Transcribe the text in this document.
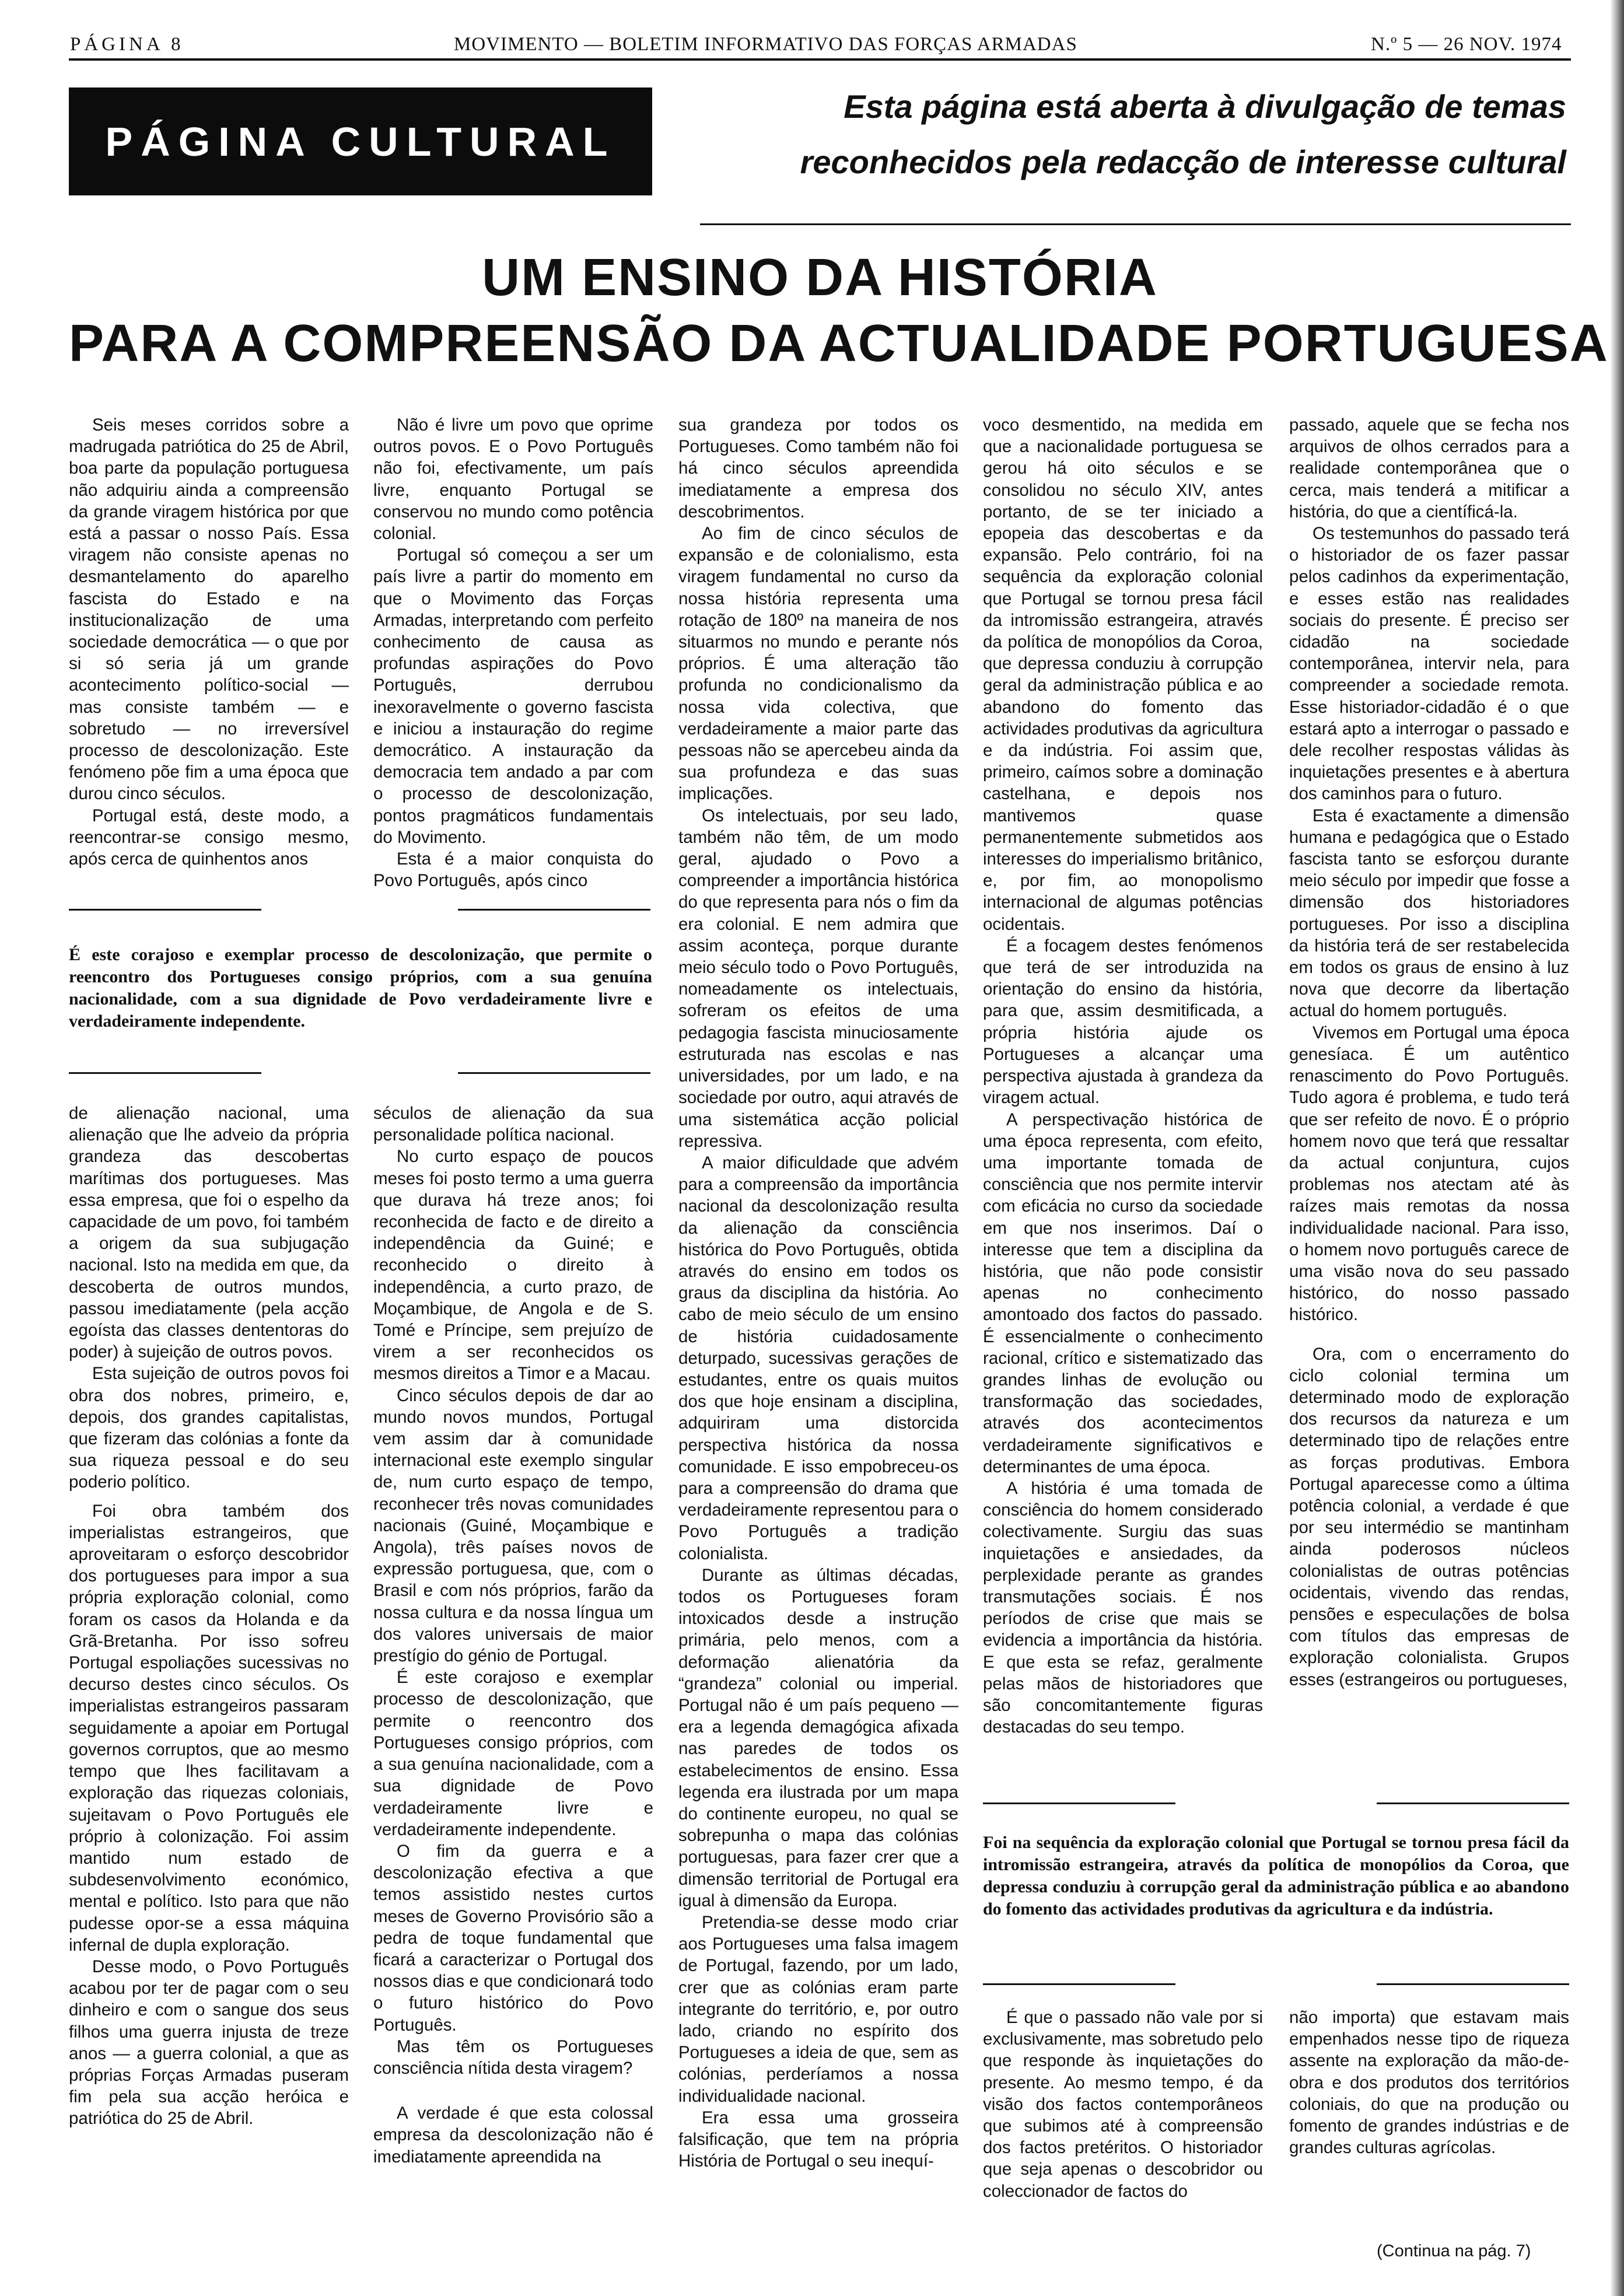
PÁGINA 8	MOVIMENTO — BOLETIM INFORMATIVO DAS FORÇAS ARMADAS	N.º 5 — 26 NOV. 1974
PÁGINA CULTURAL
Esta página está aberta à divulgação de temas
reconhecidos pela redacção de interesse cultural
UM ENSINO DA HISTÓRIA
PARA A COMPREENSÃO DA ACTUALIDADE PORTUGUESA

Seis meses corridos sobre a madrugada patriótica do 25 de Abril, boa parte da população portuguesa não adquiriu ainda a compreensão da grande viragem histórica por que está a passar o nosso País. Essa viragem não consiste apenas no desmantelamento do aparelho fascista do Estado e na institucionalização de uma sociedade democrática — o que por si só seria já um grande acontecimento político-social — mas consiste também — e sobretudo — no irreversível processo de descolonização. Este fenómeno põe fim a uma época que durou cinco séculos.

Portugal está, deste modo, a reencontrar-se consigo mesmo, após cerca de quinhentos anos

Não é livre um povo que oprime outros povos. E o Povo Português não foi, efectivamente, um país livre, enquanto Portugal se conservou no mundo como potência colonial.

Portugal só começou a ser um país livre a partir do momento em que o Movimento das Forças Armadas, interpretando com perfeito conhecimento de causa as profundas aspirações do Povo Português, derrubou inexoravelmente o governo fascista e iniciou a instauração do regime democrático. A instauração da democracia tem andado a par com o processo de descolonização, pontos pragmáticos fundamentais do Movimento.

Esta é a maior conquista do Povo Português, após cinco

É este corajoso e exemplar processo de descolonização, que permite o reencontro dos Portugueses consigo próprios, com a sua genuína nacionalidade, com a sua dignidade de Povo verdadeiramente livre e verdadeiramente independente.

de alienação nacional, uma alienação que lhe adveio da própria grandeza das descobertas marítimas dos portugueses. Mas essa empresa, que foi o espelho da capacidade de um povo, foi também a origem da sua subjugação nacional. Isto na medida em que, da descoberta de outros mundos, passou imediatamente (pela acção egoísta das classes dententoras do poder) à sujeição de outros povos.

Esta sujeição de outros povos foi obra dos nobres, primeiro, e, depois, dos grandes capitalistas, que fizeram das colónias a fonte da sua riqueza pessoal e do seu poderio político.

Foi obra também dos imperialistas estrangeiros, que aproveitaram o esforço descobridor dos portugueses para impor a sua própria exploração colonial, como foram os casos da Holanda e da Grã-Bretanha. Por isso sofreu Portugal espoliações sucessivas no decurso destes cinco séculos. Os imperialistas estrangeiros passaram seguidamente a apoiar em Portugal governos corruptos, que ao mesmo tempo que lhes facilitavam a exploração das riquezas coloniais, sujeitavam o Povo Português ele próprio à colonização. Foi assim mantido num estado de subdesenvolvimento económico, mental e político. Isto para que não pudesse opor-se a essa máquina infernal de dupla exploração.

Desse modo, o Povo Português acabou por ter de pagar com o seu dinheiro e com o sangue dos seus filhos uma guerra injusta de treze anos — a guerra colonial, a que as próprias Forças Armadas puseram fim pela sua acção heróica e patriótica do 25 de Abril.

séculos de alienação da sua personalidade política nacional.

No curto espaço de poucos meses foi posto termo a uma guerra que durava há treze anos; foi reconhecida de facto e de direito a independência da Guiné; e reconhecido o direito à independência, a curto prazo, de Moçambique, de Angola e de S. Tomé e Príncipe, sem prejuízo de virem a ser reconhecidos os mesmos direitos a Timor e a Macau.

Cinco séculos depois de dar ao mundo novos mundos, Portugal vem assim dar à comunidade internacional este exemplo singular de, num curto espaço de tempo, reconhecer três novas comunidades nacionais (Guiné, Moçambique e Angola), três países novos de expressão portuguesa, que, com o Brasil e com nós próprios, farão da nossa cultura e da nossa língua um dos valores universais de maior prestígio do génio de Portugal.

É este corajoso e exemplar processo de descolonização, que permite o reencontro dos Portugueses consigo próprios, com a sua genuína nacionalidade, com a sua dignidade de Povo verdadeiramente livre e verdadeiramente independente.

O fim da guerra e a descolonização efectiva a que temos assistido nestes curtos meses de Governo Provisório são a pedra de toque fundamental que ficará a caracterizar o Portugal dos nossos dias e que condicionará todo o futuro histórico do Povo Português.

Mas têm os Portugueses consciência nítida desta viragem?

A verdade é que esta colossal empresa da descolonização não é imediatamente apreendida na

sua grandeza por todos os Portugueses. Como também não foi há cinco séculos apreendida imediatamente a empresa dos descobrimentos.

Ao fim de cinco séculos de expansão e de colonialismo, esta viragem fundamental no curso da nossa história representa uma rotação de 180º na maneira de nos situarmos no mundo e perante nós próprios. É uma alteração tão profunda no condicionalismo da nossa vida colectiva, que verdadeiramente a maior parte das pessoas não se apercebeu ainda da sua profundeza e das suas implicações.

Os intelectuais, por seu lado, também não têm, de um modo geral, ajudado o Povo a compreender a importância histórica do que representa para nós o fim da era colonial. E nem admira que assim aconteça, porque durante meio século todo o Povo Português, nomeadamente os intelectuais, sofreram os efeitos de uma pedagogia fascista minuciosamente estruturada nas escolas e nas universidades, por um lado, e na sociedade por outro, aqui através de uma sistemática acção policial repressiva.

A maior dificuldade que advém para a compreensão da importância nacional da descolonização resulta da alienação da consciência histórica do Povo Português, obtida através do ensino em todos os graus da disciplina da história. Ao cabo de meio século de um ensino de história cuidadosamente deturpado, sucessivas gerações de estudantes, entre os quais muitos dos que hoje ensinam a disciplina, adquiriram uma distorcida perspectiva histórica da nossa comunidade. E isso empobreceu-os para a compreensão do drama que verdadeiramente representou para o Povo Português a tradição colonialista.

Durante as últimas décadas, todos os Portugueses foram intoxicados desde a instrução primária, pelo menos, com a deformação alienatória da “grandeza” colonial ou imperial. Portugal não é um país pequeno — era a legenda demagógica afixada nas paredes de todos os estabelecimentos de ensino. Essa legenda era ilustrada por um mapa do continente europeu, no qual se sobrepunha o mapa das colónias portuguesas, para fazer crer que a dimensão territorial de Portugal era igual à dimensão da Europa.

Pretendia-se desse modo criar aos Portugueses uma falsa imagem de Portugal, fazendo, por um lado, crer que as colónias eram parte integrante do território, e, por outro lado, criando no espírito dos Portugueses a ideia de que, sem as colónias, perderíamos a nossa individualidade nacional.

Era essa uma grosseira falsificação, que tem na própria História de Portugal o seu inequí-

voco desmentido, na medida em que a nacionalidade portuguesa se gerou há oito séculos e se consolidou no século XIV, antes portanto, de se ter iniciado a epopeia das descobertas e da expansão. Pelo contrário, foi na sequência da exploração colonial que Portugal se tornou presa fácil da intromissão estrangeira, através da política de monopólios da Coroa, que depressa conduziu à corrupção geral da administração pública e ao abandono do fomento das actividades produtivas da agricultura e da indústria. Foi assim que, primeiro, caímos sobre a dominação castelhana, e depois nos mantivemos quase permanentemente submetidos aos interesses do imperialismo britânico, e, por fim, ao monopolismo internacional de algumas potências ocidentais.

É a focagem destes fenómenos que terá de ser introduzida na orientação do ensino da história, para que, assim desmitificada, a própria história ajude os Portugueses a alcançar uma perspectiva ajustada à grandeza da viragem actual.

A perspectivação histórica de uma época representa, com efeito, uma importante tomada de consciência que nos permite intervir com eficácia no curso da sociedade em que nos inserimos. Daí o interesse que tem a disciplina da história, que não pode consistir apenas no conhecimento amontoado dos factos do passado. É essencialmente o conhecimento racional, crítico e sistematizado das grandes linhas de evolução ou transformação das sociedades, através dos acontecimentos verdadeiramente significativos e determinantes de uma época.

A história é uma tomada de consciência do homem considerado colectivamente. Surgiu das suas inquietações e ansiedades, da perplexidade perante as grandes transmutações sociais. É nos períodos de crise que mais se evidencia a importância da história. E que esta se refaz, geralmente pelas mãos de historiadores que são concomitantemente figuras destacadas do seu tempo.

passado, aquele que se fecha nos arquivos de olhos cerrados para a realidade contemporânea que o cerca, mais tenderá a mitificar a história, do que a científicá-la.

Os testemunhos do passado terá o historiador de os fazer passar pelos cadinhos da experimentação, e esses estão nas realidades sociais do presente. É preciso ser cidadão na sociedade contemporânea, intervir nela, para compreender a sociedade remota. Esse historiador-cidadão é o que estará apto a interrogar o passado e dele recolher respostas válidas às inquietações presentes e à abertura dos caminhos para o futuro.

Esta é exactamente a dimensão humana e pedagógica que o Estado fascista tanto se esforçou durante meio século por impedir que fosse a dimensão dos historiadores portugueses. Por isso a disciplina da história terá de ser restabelecida em todos os graus de ensino à luz nova que decorre da libertação actual do homem português.

Vivemos em Portugal uma época genesíaca. É um autêntico renascimento do Povo Português. Tudo agora é problema, e tudo terá que ser refeito de novo. É o próprio homem novo que terá que ressaltar da actual conjuntura, cujos problemas nos atectam até às raízes mais remotas da nossa individualidade nacional. Para isso, o homem novo português carece de uma visão nova do seu passado histórico, do nosso passado histórico.

Ora, com o encerramento do ciclo colonial termina um determinado modo de exploração dos recursos da natureza e um determinado tipo de relações entre as forças produtivas. Embora Portugal aparecesse como a última potência colonial, a verdade é que por seu intermédio se mantinham ainda poderosos núcleos colonialistas de outras potências ocidentais, vivendo das rendas, pensões e especulações de bolsa com títulos das empresas de exploração colonialista. Grupos esses (estrangeiros ou portugueses,

Foi na sequência da exploração colonial que Portugal se tornou presa fácil da intromissão estrangeira, através da política de monopólios da Coroa, que depressa conduziu à corrupção geral da administração pública e ao abandono do fomento das actividades produtivas da agricultura e da indústria.

É que o passado não vale por si exclusivamente, mas sobretudo pelo que responde às inquietações do presente. Ao mesmo tempo, é da visão dos factos contemporâneos que subimos até à compreensão dos factos pretéritos. O historiador que seja apenas o descobridor ou coleccionador de factos do

não importa) que estavam mais empenhados nesse tipo de riqueza assente na exploração da mão-de-obra e dos produtos dos territórios coloniais, do que na produção ou fomento de grandes indústrias e de grandes culturas agrícolas.

(Continua na pág. 7)
